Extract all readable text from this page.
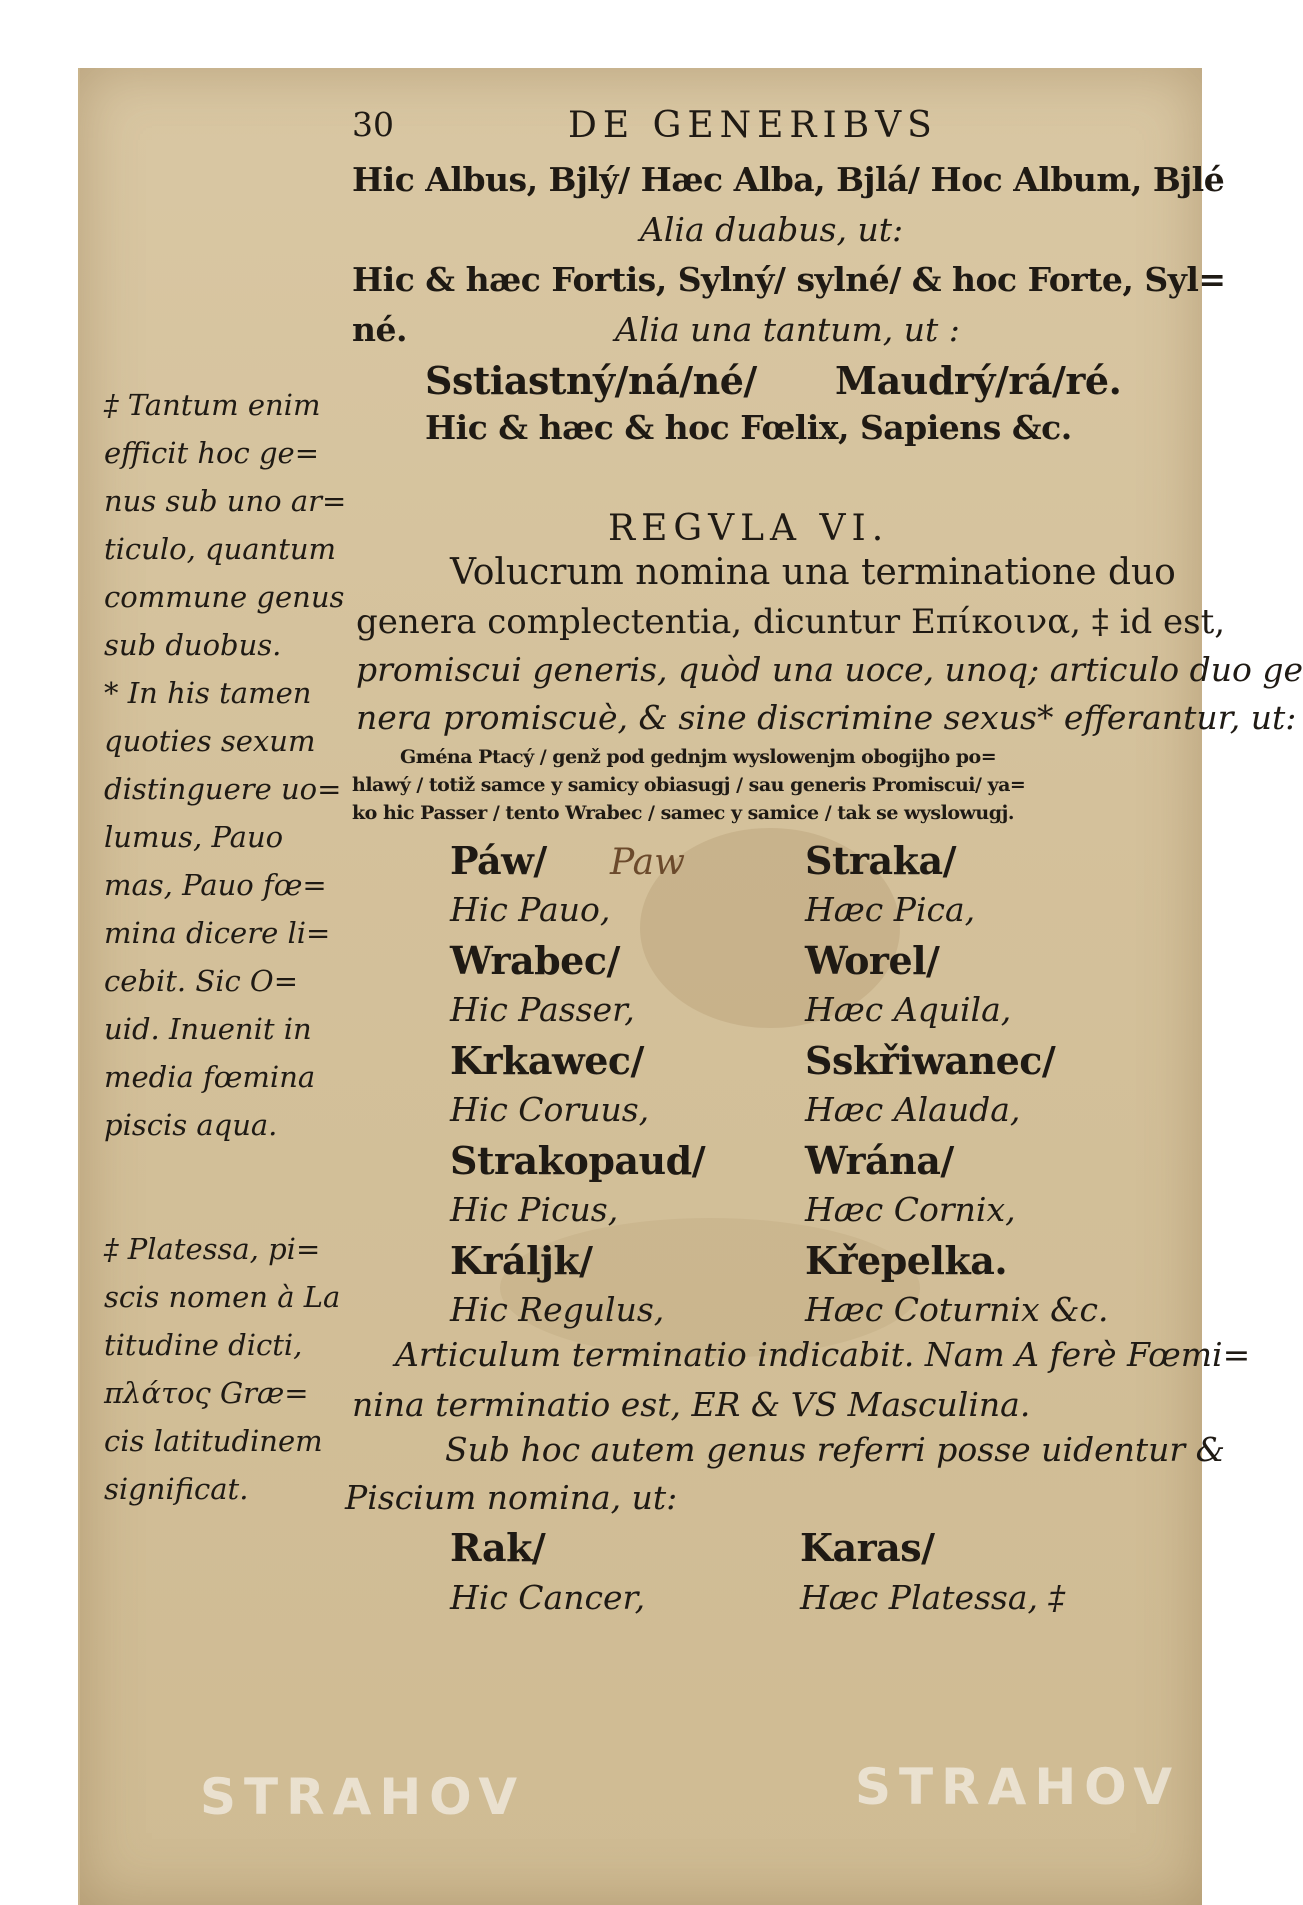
30	DE GENERIBVS
Hic Albus, Bjlý/ Hæc Alba, Bjlá/ Hoc Album, Bjlé
Alia duabus, ut:
Hic & hæc Fortis, Sylný/ sylné/ & hoc Forte, Syl=
né.	Alia una tantum, ut :
Sstiastný/ná/né/ Maudrý/rá/ré.
Hic & hæc & hoc Fœlix, Sapiens &c.
REGVLA VI.
Volucrum nomina una terminatione duo
genera complectentia, dicuntur Επίκοινα, ‡ id est,
promiscui generis, quòd una uoce, unoq; articulo duo ge
nera promiscuè, & sine discrimine sexus* efferantur, ut:
Gména Ptacý / genž pod gednjm wyslowenjm obogijho po=
hlawý / totiž samce y samicy obiasugj / sau generis Promiscui/ ya=
ko hic Passer / tento Wrabec / samec y samice / tak se wyslowugj.
Páw/	Straka/
Paw
Hic Pauo,	Hæc Pica,
Wrabec/	Worel/
Hic Passer,	Hæc Aquila,
Krkawec/	Sskřiwanec/
Hic Coruus,	Hæc Alauda,
Strakopaud/	Wrána/
Hic Picus,	Hæc Cornix,
Králjk/	Křepelka.
Hic Regulus,	Hæc Coturnix &c.
Articulum terminatio indicabit. Nam A ferè Fœmi=
nina terminatio est, ER & VS Masculina.
Sub hoc autem genus referri posse uidentur &
Piscium nomina, ut:
Rak/	Karas/
Hic Cancer,	Hæc Platessa, ‡
‡ Tantum enim
efficit hoc ge=
nus sub uno ar=
ticulo, quantum
commune genus
sub duobus.
* In his tamen
quoties sexum
distinguere uo=
lumus, Pauo
mas, Pauo fœ=
mina dicere li=
cebit. Sic O=
uid. Inuenit in
media fœmina
piscis aqua.
‡ Platessa, pi=
scis nomen à La
titudine dicti,
πλάτος Græ=
cis latitudinem
significat.
STRAHOV	STRAHOV
